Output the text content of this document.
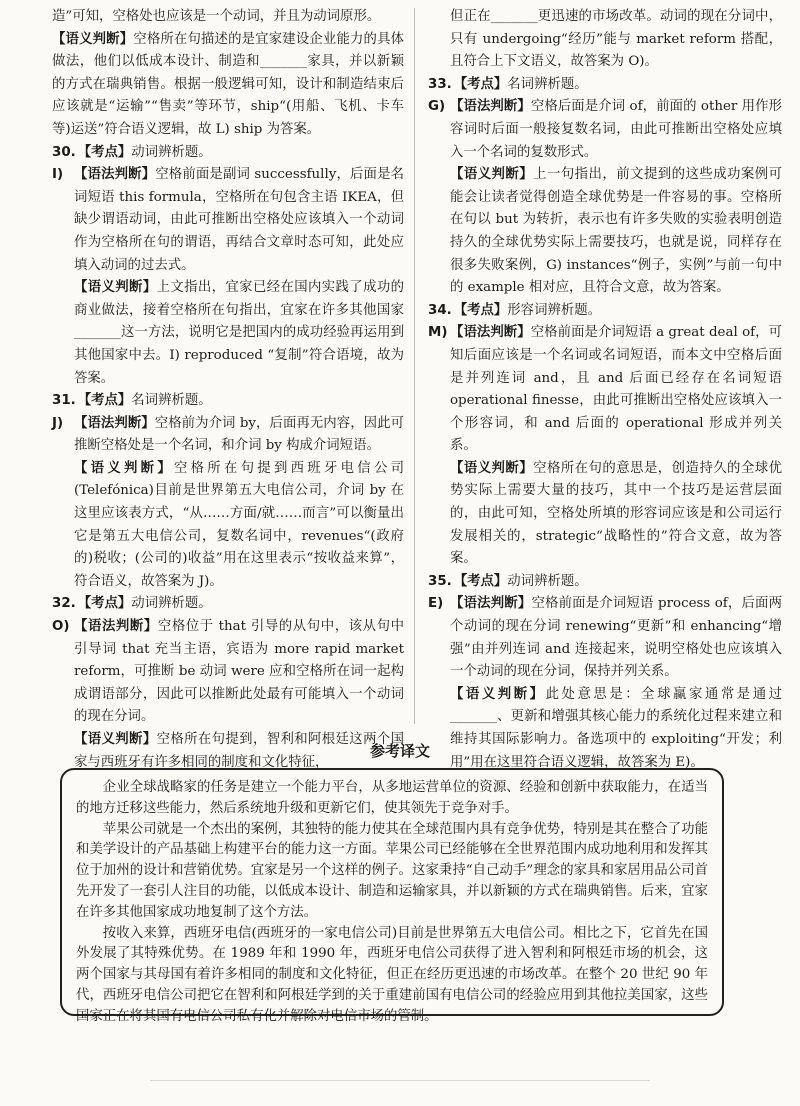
造”可知，空格处也应该是一个动词，并且为动词原形。

【语义判断】空格所在句描述的是宜家建设企业能力的具体做法，他们以低成本设计、制造和_______家具，并以新颖的方式在瑞典销售。根据一般逻辑可知，设计和制造结束后应该就是“运输”“售卖”等环节，ship“(用船、飞机、卡车等)运送”符合语义逻辑，故 L) ship 为答案。

30. 【考点】动词辨析题。

I) 【语法判断】空格前面是副词 successfully，后面是名词短语 this formula，空格所在句包含主语 IKEA，但缺少谓语动词，由此可推断出空格处应该填入一个动词作为空格所在句的谓语，再结合文章时态可知，此处应填入动词的过去式。

【语义判断】上文指出，宜家已经在国内实践了成功的商业做法，接着空格所在句指出，宜家在许多其他国家_______这一方法，说明它是把国内的成功经验再运用到其他国家中去。I) reproduced “复制”符合语境，故为答案。

31. 【考点】名词辨析题。

J) 【语法判断】空格前为介词 by，后面再无内容，因此可推断空格处是一个名词，和介词 by 构成介词短语。

【语义判断】空格所在句提到西班牙电信公司(Telefónica)目前是世界第五大电信公司，介词 by 在这里应该表方式，“从……方面/就……而言”可以衡量出它是第五大电信公司，复数名词中，revenues“(政府的)税收；(公司的)收益”用在这里表示“按收益来算”，符合语义，故答案为 J)。

32. 【考点】动词辨析题。

O) 【语法判断】空格位于 that 引导的从句中，该从句中引导词 that 充当主语，宾语为 more rapid market reform，可推断 be 动词 were 应和空格所在词一起构成谓语部分，因此可以推断此处最有可能填入一个动词的现在分词。

【语义判断】空格所在句提到，智利和阿根廷这两个国家与西班牙有许多相同的制度和文化特征，

但正在_______更迅速的市场改革。动词的现在分词中，只有 undergoing“经历”能与 market reform 搭配，且符合上下文语义，故答案为 O)。

33. 【考点】名词辨析题。

G) 【语法判断】空格后面是介词 of，前面的 other 用作形容词时后面一般接复数名词，由此可推断出空格处应填入一个名词的复数形式。

【语义判断】上一句指出，前文提到的这些成功案例可能会让读者觉得创造全球优势是一件容易的事。空格所在句以 but 为转折，表示也有许多失败的实验表明创造持久的全球优势实际上需要技巧，也就是说，同样存在很多失败案例，G) instances“例子，实例”与前一句中的 example 相对应，且符合文意，故为答案。

34. 【考点】形容词辨析题。

M) 【语法判断】空格前面是介词短语 a great deal of，可知后面应该是一个名词或名词短语，而本文中空格后面是并列连词 and，且 and 后面已经存在名词短语 operational finesse，由此可推断出空格处应该填入一个形容词，和 and 后面的 operational 形成并列关系。

【语义判断】空格所在句的意思是，创造持久的全球优势实际上需要大量的技巧，其中一个技巧是运营层面的，由此可知，空格处所填的形容词应该是和公司运行发展相关的，strategic“战略性的”符合文意，故为答案。

35. 【考点】动词辨析题。

E) 【语法判断】空格前面是介词短语 process of，后面两个动词的现在分词 renewing“更新”和 enhancing“增强”由并列连词 and 连接起来，说明空格处也应该填入一个动词的现在分词，保持并列关系。

【语义判断】此处意思是：全球赢家通常是通过_______、更新和增强其核心能力的系统化过程来建立和维持其国际影响力。备选项中的 exploiting“开发；利用”用在这里符合语义逻辑，故答案为 E)。

参考译文

企业全球战略家的任务是建立一个能力平台，从多地运营单位的资源、经验和创新中获取能力，在适当的地方迁移这些能力，然后系统地升级和更新它们，使其领先于竞争对手。

苹果公司就是一个杰出的案例，其独特的能力使其在全球范围内具有竞争优势，特别是其在整合了功能和美学设计的产品基础上构建平台的能力这一方面。苹果公司已经能够在全世界范围内成功地利用和发挥其位于加州的设计和营销优势。宜家是另一个这样的例子。这家秉持“自己动手”理念的家具和家居用品公司首先开发了一套引人注目的功能，以低成本设计、制造和运输家具，并以新颖的方式在瑞典销售。后来，宜家在许多其他国家成功地复制了这个方法。

按收入来算，西班牙电信(西班牙的一家电信公司)目前是世界第五大电信公司。相比之下，它首先在国外发展了其特殊优势。在 1989 年和 1990 年，西班牙电信公司获得了进入智利和阿根廷市场的机会，这两个国家与其母国有着许多相同的制度和文化特征，但正在经历更迅速的市场改革。在整个 20 世纪 90 年代，西班牙电信公司把它在智利和阿根廷学到的关于重建前国有电信公司的经验应用到其他拉美国家，这些国家正在将其国有电信公司私有化并解除对电信市场的管制。
